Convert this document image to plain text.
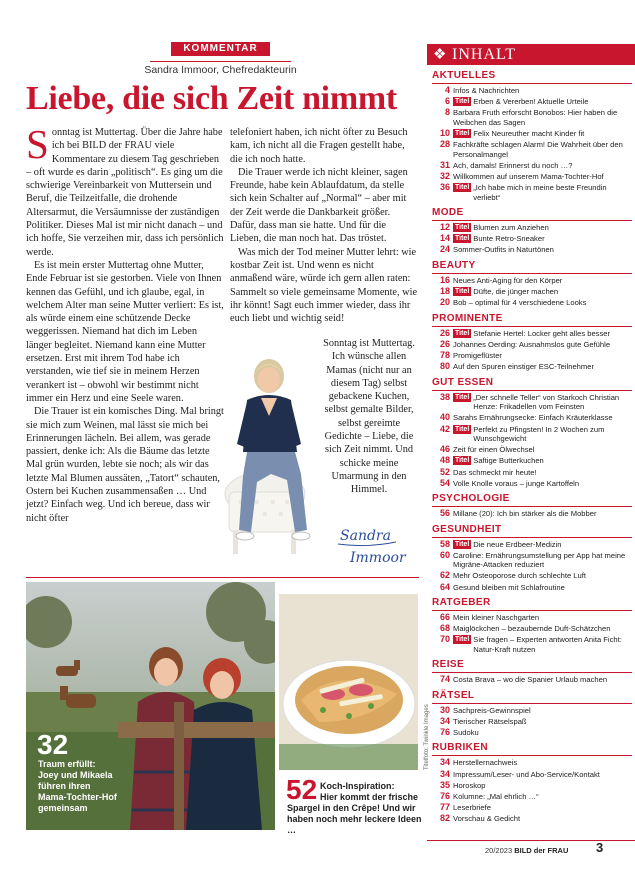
KOMMENTAR
Sandra Immoor, Chefredakteurin
Liebe, die sich Zeit nimmt

Sonntag ist Muttertag. Über die Jahre habe ich bei BILD der FRAU viele Kommentare zu diesem Tag geschrieben – oft wurde es darin „politisch“. Es ging um die schwierige Vereinbarkeit von Muttersein und Beruf, die Teilzeitfalle, die drohende Altersarmut, die Versäumnisse der zuständigen Politiker. Dieses Mal ist mir nicht danach – und ich hoffe, Sie verzeihen mir, dass ich persönlich werde.

Es ist mein erster Muttertag ohne Mutter, Ende Februar ist sie gestorben. Viele von Ihnen kennen das Gefühl, und ich glaube, egal, in welchem Alter man seine Mutter verliert: Es ist, als würde einem eine schützende Decke weggerissen. Niemand hat dich im Leben länger begleitet. Niemand kann eine Mutter ersetzen. Erst mit ihrem Tod habe ich verstanden, wie tief sie in meinem Herzen verankert ist – obwohl wir bestimmt nicht immer ein Herz und eine Seele waren.

Die Trauer ist ein komisches Ding. Mal bringt sie mich zum Weinen, mal lässt sie mich bei Erinnerungen lächeln. Bei allem, was gerade passiert, denke ich: Als die Bäume das letzte Mal grün wurden, lebte sie noch; als wir das letzte Mal Blumen aussäten, „Tatort“ schauten, Ostern bei Kuchen zusammensaßen … Und jetzt? Einfach weg. Und ich bereue, dass wir nicht öfter

telefoniert haben, ich nicht öfter zu Besuch kam, ich nicht all die Fragen gestellt habe, die ich noch hatte.

Die Trauer werde ich nicht kleiner, sagen Freunde, habe kein Ablaufdatum, da stelle sich kein Schalter auf „Normal“ – aber mit der Zeit werde die Dankbarkeit größer. Dafür, dass man sie hatte. Und für die Lieben, die man noch hat. Das tröstet.

Was mich der Tod meiner Mutter lehrt: wie kostbar Zeit ist. Und wenn es nicht anmaßend wäre, würde ich gern allen raten: Sammelt so viele gemeinsame Momente, wie ihr könnt! Sagt euch immer wieder, dass ihr euch liebt und wichtig seid!

Sonntag ist Muttertag. Ich wünsche allen Mamas (nicht nur an diesem Tag) selbst gebackene Kuchen, selbst gemalte Bilder, selbst gereimte Gedichte – Liebe, die sich Zeit nimmt. Und schicke meine Umarmung in den Himmel.
Sandra
Immoor
32
Traum erfüllt: Joey und Mikaela führen ihren Mama-Tochter-Hof gemeinsam
52 Koch-Inspiration:
Hier kommt der frische
Spargel in den Crêpe! Und wir
haben noch mehr leckere Ideen …
Titelfoto: Twinkle Images
❖ INHALT
AKTUELLES
4 Infos & Nachrichten
6 Titel Erben & Vererben! Aktuelle Urteile
8 Barbara Fruth erforscht Bonobos: Hier haben die Weibchen das Sagen
10 Titel Felix Neureuther macht Kinder fit
28 Fachkräfte schlagen Alarm! Die Wahrheit über den Personalmangel
31 Ach, damals! Erinnerst du noch …?
32 Willkommen auf unserem Mama-Tochter-Hof
36 Titel „Ich habe mich in meine beste Freundin verliebt“
MODE
12 Titel Blumen zum Anziehen
14 Titel Bunte Retro-Sneaker
24 Sommer-Outfits in Naturtönen
BEAUTY
16 Neues Anti-Aging für den Körper
18 Titel Düfte, die jünger machen
20 Bob – optimal für 4 verschiedene Looks
PROMINENTE
26 Titel Stefanie Hertel: Locker geht alles besser
26 Johannes Oerding: Ausnahmslos gute Gefühle
78 Promigeflüster
80 Auf den Spuren einstiger ESC-Teilnehmer
GUT ESSEN
38 Titel „Der schnelle Teller“ von Starkoch Christian Henze: Frikadellen vom Feinsten
40 Sarahs Ernährungsecke: Einfach Kräuterklasse
42 Titel Perfekt zu Pfingsten! In 2 Wochen zum Wunschgewicht
46 Zeit für einen Ölwechsel
48 Titel Saftige Butterkuchen
52 Das schmeckt mir heute!
54 Volle Knolle voraus – junge Kartoffeln
PSYCHOLOGIE
56 Millane (20): Ich bin stärker als die Mobber
GESUNDHEIT
58 Titel Die neue Erdbeer-Medizin
60 Caroline: Ernährungsumstellung per App hat meine Migräne-Attacken reduziert
62 Mehr Osteoporose durch schlechte Luft
64 Gesund bleiben mit Schlafroutine
RATGEBER
66 Mein kleiner Naschgarten
68 Maiglöckchen – bezaubernde Duft-Schätzchen
70 Titel Sie fragen – Experten antworten Anita Ficht: Natur-Kraft nutzen
REISE
74 Costa Brava – wo die Spanier Urlaub machen
RÄTSEL
30 Sachpreis-Gewinnspiel
34 Tierischer Rätselspaß
76 Sudoku
RUBRIKEN
34 Herstellernachweis
34 Impressum/Leser- und Abo-Service/Kontakt
35 Horoskop
76 Kolumne: „Mal ehrlich …“
77 Leserbriefe
82 Vorschau & Gedicht
20/2023 BILD der FRAU 3
